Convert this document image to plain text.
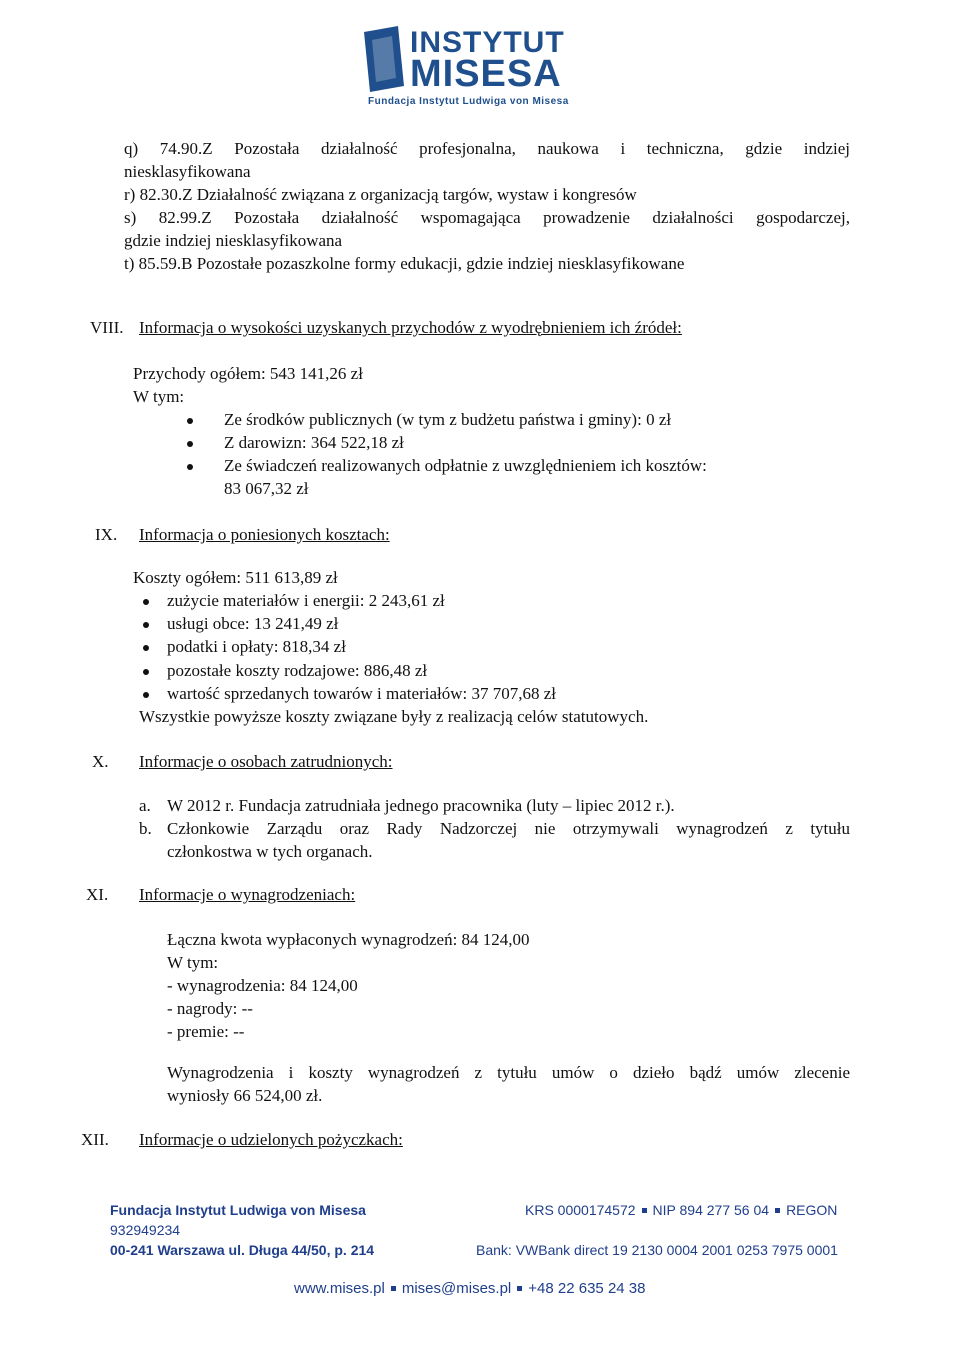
INSTYTUT
MISESA
Fundacja Instytut Ludwiga von Misesa
q) 74.90.Z Pozostała działalność profesjonalna, naukowa i techniczna, gdzie indziej
niesklasyfikowana
r) 82.30.Z Działalność związana z organizacją targów, wystaw i kongresów
s) 82.99.Z Pozostała działalność wspomagająca prowadzenie działalności gospodarczej,
gdzie indziej niesklasyfikowana
t) 85.59.B Pozostałe pozaszkolne formy edukacji, gdzie indziej niesklasyfikowane
VIII. Informacja o wysokości uzyskanych przychodów z wyodrębnieniem ich źródeł:
Przychody ogółem: 543 141,26 zł
W tym:
Ze środków publicznych (w tym z budżetu państwa i gminy): 0 zł
Z darowizn: 364 522,18 zł
Ze świadczeń realizowanych odpłatnie z uwzględnieniem ich kosztów:
83 067,32 zł
IX. Informacja o poniesionych kosztach:
Koszty ogółem: 511 613,89 zł
zużycie materiałów i energii: 2 243,61 zł
usługi obce: 13 241,49 zł
podatki i opłaty: 818,34 zł
pozostałe koszty rodzajowe: 886,48 zł
wartość sprzedanych towarów i materiałów: 37 707,68 zł
Wszystkie powyższe koszty związane były z realizacją celów statutowych.
X. Informacje o osobach zatrudnionych:
a. W 2012 r. Fundacja zatrudniała jednego pracownika (luty – lipiec 2012 r.).
b. Członkowie Zarządu oraz Rady Nadzorczej nie otrzymywali wynagrodzeń z tytułu
członkostwa w tych organach.
XI. Informacje o wynagrodzeniach:
Łączna kwota wypłaconych wynagrodzeń: 84 124,00
W tym:
- wynagrodzenia: 84 124,00
- nagrody: --
- premie: --
Wynagrodzenia i koszty wynagrodzeń z tytułu umów o dzieło bądź umów zlecenie
wyniosły 66 524,00 zł.
XII. Informacje o udzielonych pożyczkach:
Fundacja Instytut Ludwiga von Misesa	KRS 0000174572 NIP 894 277 56 04 REGON
932949234
00-241 Warszawa ul. Długa 44/50, p. 214	Bank: VWBank direct 19 2130 0004 2001 0253 7975 0001
www.mises.pl mises@mises.pl +48 22 635 24 38
